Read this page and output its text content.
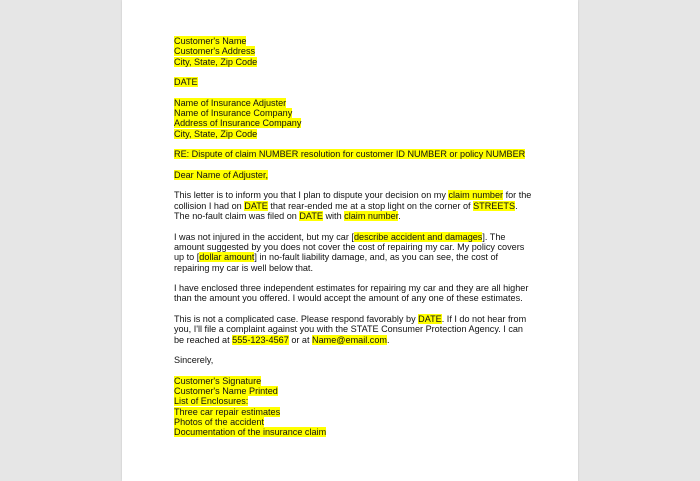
Customer's Name
Customer's Address
City, State, Zip Code

DATE

Name of Insurance Adjuster
Name of Insurance Company
Address of Insurance Company
City, State, Zip Code

RE: Dispute of claim NUMBER resolution for customer ID NUMBER or policy NUMBER

Dear Name of Adjuster,

This letter is to inform you that I plan to dispute your decision on my claim number for the collision I had on DATE that rear-ended me at a stop light on the corner of STREETS. The no-fault claim was filed on DATE with claim number.

I was not injured in the accident, but my car [describe accident and damages]. The amount suggested by you does not cover the cost of repairing my car. My policy covers up to [dollar amount] in no-fault liability damage, and, as you can see, the cost of repairing my car is well below that.

I have enclosed three independent estimates for repairing my car and they are all higher than the amount you offered. I would accept the amount of any one of these estimates.

This is not a complicated case. Please respond favorably by DATE. If I do not hear from you, I'll file a complaint against you with the STATE Consumer Protection Agency. I can be reached at 555-123-4567 or at Name@email.com.

Sincerely,

Customer's Signature
Customer's Name Printed
List of Enclosures:
Three car repair estimates
Photos of the accident
Documentation of the insurance claim
